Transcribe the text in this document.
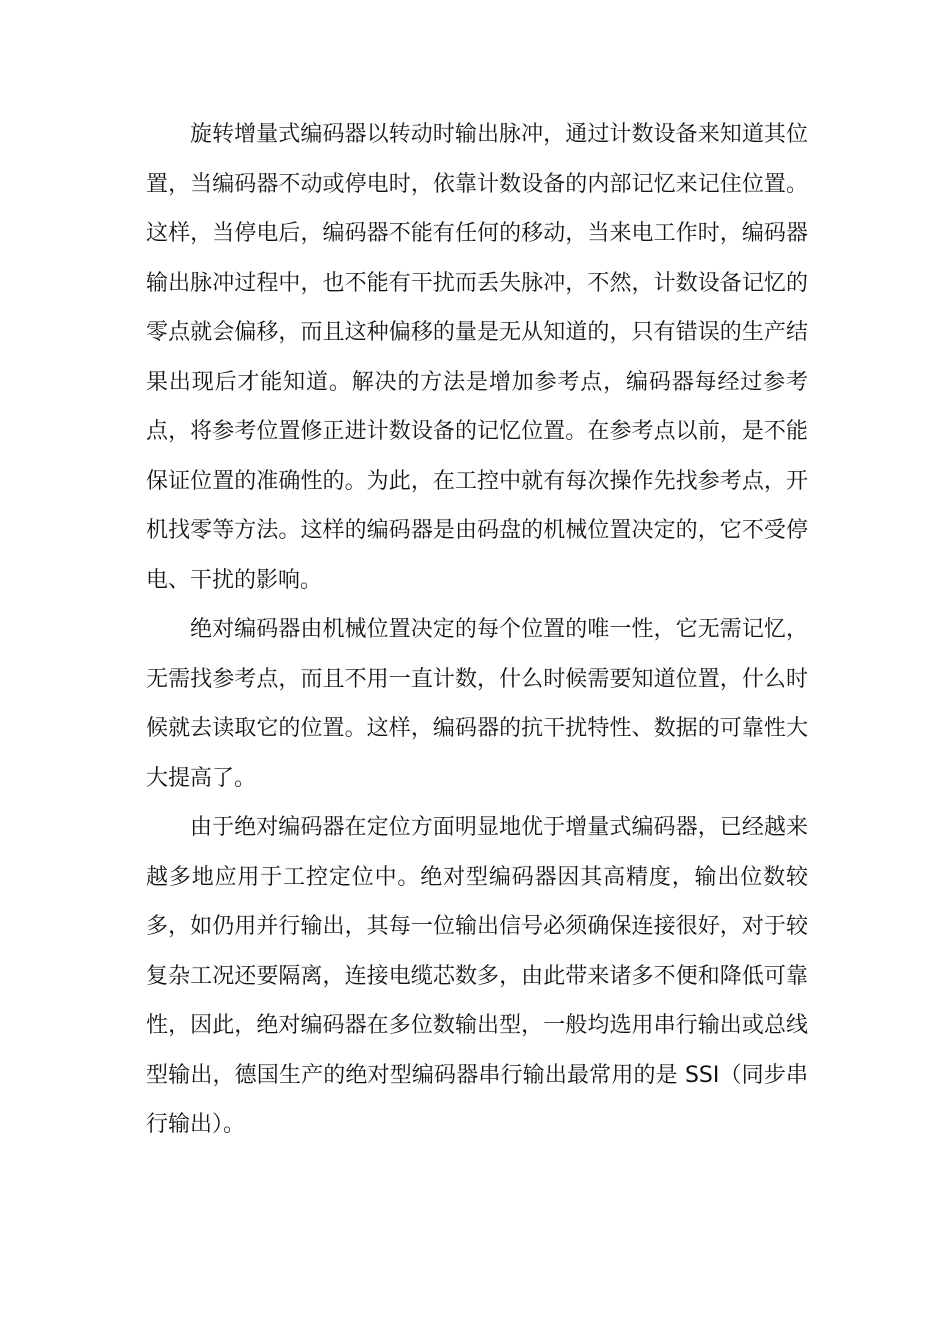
旋转增量式编码器以转动时输出脉冲，通过计数设备来知道其位置，当编码器不动或停电时，依靠计数设备的内部记忆来记住位置。这样，当停电后，编码器不能有任何的移动，当来电工作时，编码器输出脉冲过程中，也不能有干扰而丢失脉冲，不然，计数设备记忆的零点就会偏移，而且这种偏移的量是无从知道的，只有错误的生产结果出现后才能知道。解决的方法是增加参考点，编码器每经过参考点，将参考位置修正进计数设备的记忆位置。在参考点以前，是不能保证位置的准确性的。为此，在工控中就有每次操作先找参考点，开机找零等方法。这样的编码器是由码盘的机械位置决定的，它不受停电、干扰的影响。

绝对编码器由机械位置决定的每个位置的唯一性，它无需记忆，无需找参考点，而且不用一直计数，什么时候需要知道位置，什么时候就去读取它的位置。这样，编码器的抗干扰特性、数据的可靠性大大提高了。

由于绝对编码器在定位方面明显地优于增量式编码器，已经越来越多地应用于工控定位中。绝对型编码器因其高精度，输出位数较多，如仍用并行输出，其每一位输出信号必须确保连接很好，对于较复杂工况还要隔离，连接电缆芯数多，由此带来诸多不便和降低可靠性，因此，绝对编码器在多位数输出型，一般均选用串行输出或总线型输出，德国生产的绝对型编码器串行输出最常用的是 SSI（同步串行输出）。
